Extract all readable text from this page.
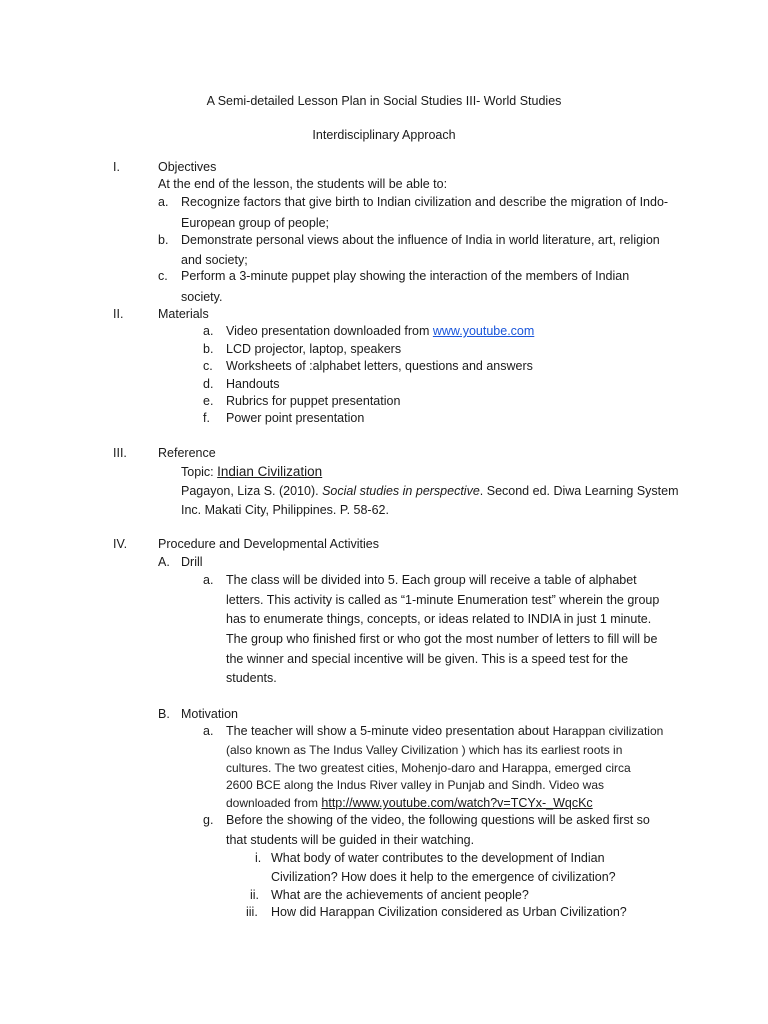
A Semi-detailed Lesson Plan in Social Studies III- World Studies
Interdisciplinary Approach
I.	Objectives
At the end of the lesson, the students will be able to:
a. Recognize factors that give birth to Indian civilization and describe the migration of Indo-
European group of people;
b. Demonstrate personal views about the influence of India in world literature, art, religion
and society;
c. Perform a 3-minute puppet play showing the interaction of the members of Indian
society.
II.	Materials
a. Video presentation downloaded from www.youtube.com
b. LCD projector, laptop, speakers
c. Worksheets of :alphabet letters, questions and answers
d. Handouts
e. Rubrics for puppet presentation
f. Power point presentation
III. Reference
Topic: Indian Civilization
Pagayon, Liza S. (2010). Social studies in perspective. Second ed. Diwa Learning System
Inc. Makati City, Philippines. P. 58-62.
IV. Procedure and Developmental Activities
A. Drill
a. The class will be divided into 5. Each group will receive a table of alphabet
letters. This activity is called as “1-minute Enumeration test” wherein the group
has to enumerate things, concepts, or ideas related to INDIA in just 1 minute.
The group who finished first or who got the most number of letters to fill will be
the winner and special incentive will be given. This is a speed test for the
students.
B. Motivation
a. The teacher will show a 5-minute video presentation about Harappan civilization
(also known as The Indus Valley Civilization ) which has its earliest roots in
cultures. The two greatest cities, Mohenjo-daro and Harappa, emerged circa
2600 BCE along the Indus River valley in Punjab and Sindh. Video was
downloaded from http://www.youtube.com/watch?v=TCYx-_WqcKc
g. Before the showing of the video, the following questions will be asked first so
that students will be guided in their watching.
i. What body of water contributes to the development of Indian
Civilization? How does it help to the emergence of civilization?
ii. What are the achievements of ancient people?
iii. How did Harappan Civilization considered as Urban Civilization?
